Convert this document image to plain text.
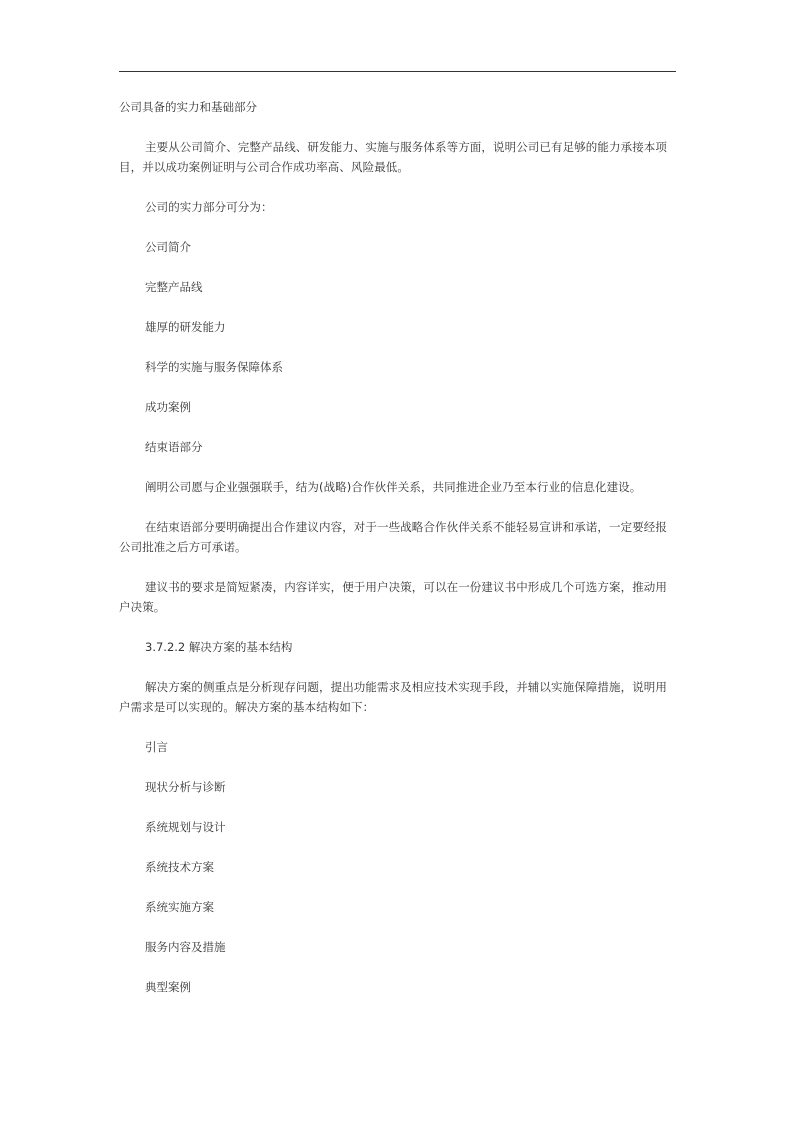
公司具备的实力和基础部分

主要从公司简介、完整产品线、研发能力、实施与服务体系等方面，说明公司已有足够的能力承接本项目，并以成功案例证明与公司合作成功率高、风险最低。

公司的实力部分可分为：

公司简介

完整产品线

雄厚的研发能力

科学的实施与服务保障体系

成功案例

结束语部分

阐明公司愿与企业强强联手，结为(战略)合作伙伴关系，共同推进企业乃至本行业的信息化建设。

在结束语部分要明确提出合作建议内容，对于一些战略合作伙伴关系不能轻易宣讲和承诺，一定要经报公司批准之后方可承诺。

建议书的要求是简短紧凑，内容详实，便于用户决策，可以在一份建议书中形成几个可选方案，推动用户决策。

3.7.2.2 解决方案的基本结构

解决方案的侧重点是分析现存问题，提出功能需求及相应技术实现手段，并辅以实施保障措施，说明用户需求是可以实现的。解决方案的基本结构如下：

引言

现状分析与诊断

系统规划与设计

系统技术方案

系统实施方案

服务内容及措施

典型案例
